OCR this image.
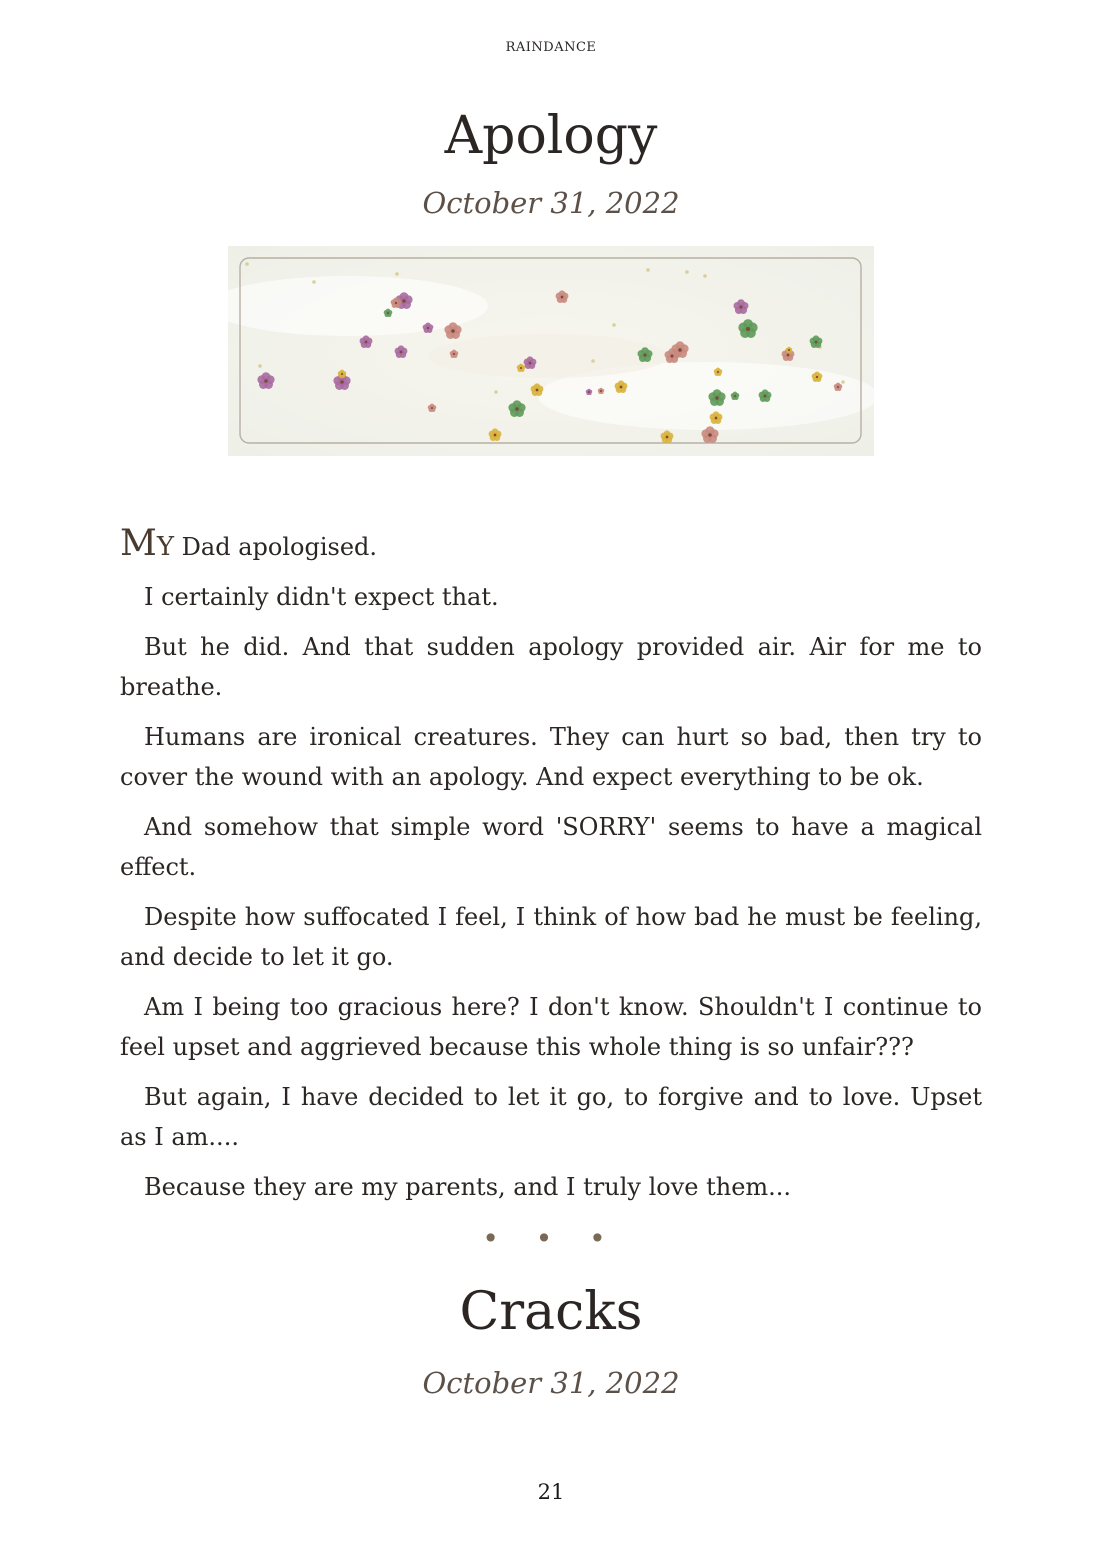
RAINDANCE
Apology
October 31, 2022

MY Dad apologised.

I certainly didn't expect that.

But he did. And that sudden apology provided air. Air for me to breathe.

Humans are ironical creatures. They can hurt so bad, then try to cover the wound with an apology. And expect everything to be ok.

And somehow that simple word 'SORRY' seems to have a magical effect.

Despite how suffocated I feel, I think of how bad he must be feeling, and decide to let it go.

Am I being too gracious here? I don't know. Shouldn't I continue to feel upset and aggrieved because this whole thing is so unfair???

But again, I have decided to let it go, to forgive and to love. Upset as I am....

Because they are my parents, and I truly love them...

• • •
Cracks
October 31, 2022
21
